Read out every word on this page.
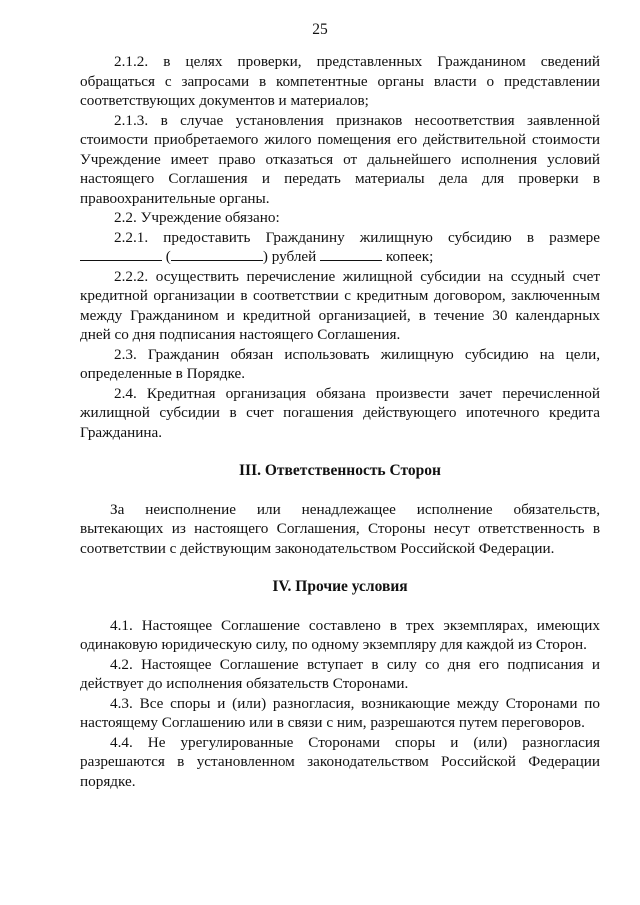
25

2.1.2. в целях проверки, представленных Гражданином сведений обращаться с запросами в компетентные органы власти о представлении соответствующих документов и материалов;

2.1.3. в случае установления признаков несоответствия заявленной стоимости приобретаемого жилого помещения его действительной стоимости Учреждение имеет право отказаться от дальнейшего исполнения условий настоящего Соглашения и передать материалы дела для проверки в правоохранительные органы.

2.2. Учреждение обязано:

2.2.1. предоставить Гражданину жилищную субсидию в размере  (	) рублей	копеек;

2.2.2. осуществить перечисление жилищной субсидии на ссудный счет кредитной организации в соответствии с кредитным договором, заключенным между Гражданином и кредитной организацией, в течение 30 календарных дней со дня подписания настоящего Соглашения.

2.3. Гражданин обязан использовать жилищную субсидию на цели, определенные в Порядке.

2.4. Кредитная организация обязана произвести зачет перечисленной жилищной субсидии в счет погашения действующего ипотечного кредита Гражданина.

III. Ответственность Сторон

За неисполнение или ненадлежащее исполнение обязательств, вытекающих из настоящего Соглашения, Стороны несут ответственность в соответствии с действующим законодательством Российской Федерации.

IV. Прочие условия

4.1. Настоящее Соглашение составлено в трех экземплярах, имеющих одинаковую юридическую силу, по одному экземпляру для каждой из Сторон.

4.2. Настоящее Соглашение вступает в силу со дня его подписания и действует до исполнения обязательств Сторонами.

4.3. Все споры и (или) разногласия, возникающие между Сторонами по настоящему Соглашению или в связи с ним, разрешаются путем переговоров.

4.4. Не урегулированные Сторонами споры и (или) разногласия разрешаются в установленном законодательством Российской Федерации порядке.
